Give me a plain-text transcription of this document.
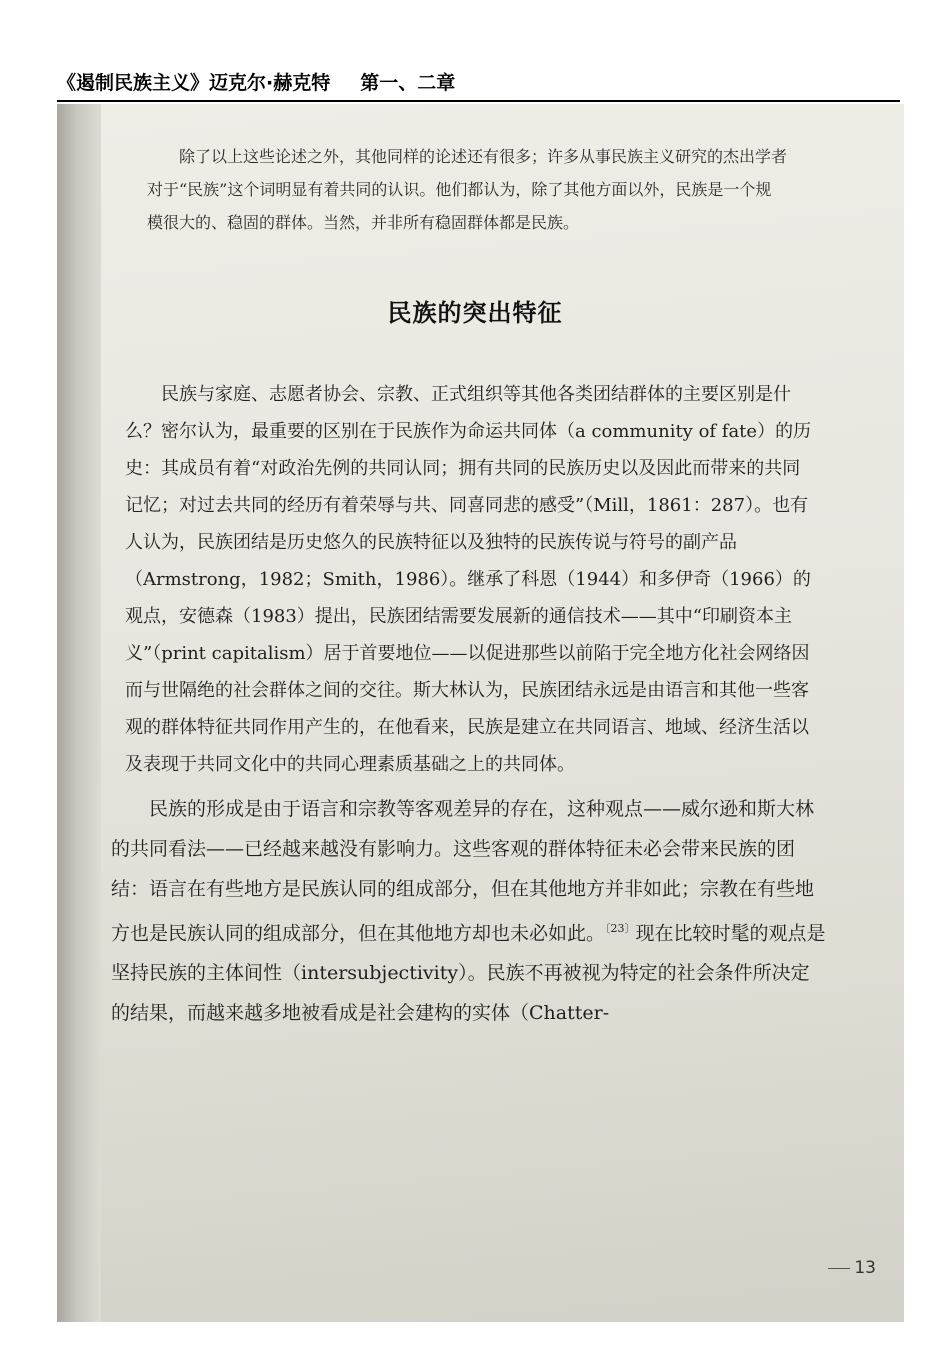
《遏制民族主义》迈克尔·赫克特 第一、二章

除了以上这些论述之外，其他同样的论述还有很多；许多从事民族主义研究的杰出学者对于“民族”这个词明显有着共同的认识。他们都认为，除了其他方面以外，民族是一个规模很大的、稳固的群体。当然，并非所有稳固群体都是民族。

民族的突出特征

民族与家庭、志愿者协会、宗教、正式组织等其他各类团结群体的主要区别是什么？密尔认为，最重要的区别在于民族作为命运共同体（a community of fate）的历史：其成员有着“对政治先例的共同认同；拥有共同的民族历史以及因此而带来的共同记忆；对过去共同的经历有着荣辱与共、同喜同悲的感受”（Mill，1861：287）。也有人认为，民族团结是历史悠久的民族特征以及独特的民族传说与符号的副产品（Armstrong，1982；Smith，1986）。继承了科恩（1944）和多伊奇（1966）的观点，安德森（1983）提出，民族团结需要发展新的通信技术——其中“印刷资本主义”（print capitalism）居于首要地位——以促进那些以前陷于完全地方化社会网络因而与世隔绝的社会群体之间的交往。斯大林认为，民族团结永远是由语言和其他一些客观的群体特征共同作用产生的，在他看来，民族是建立在共同语言、地域、经济生活以及表现于共同文化中的共同心理素质基础之上的共同体。

民族的形成是由于语言和宗教等客观差异的存在，这种观点——威尔逊和斯大林的共同看法——已经越来越没有影响力。这些客观的群体特征未必会带来民族的团结：语言在有些地方是民族认同的组成部分，但在其他地方并非如此；宗教在有些地方也是民族认同的组成部分，但在其他地方却也未必如此。$^{〔23〕}$现在比较时髦的观点是坚持民族的主体间性（intersubjectivity）。民族不再被视为特定的社会条件所决定的结果，而越来越多地被看成是社会建构的实体（Chatter-

13
